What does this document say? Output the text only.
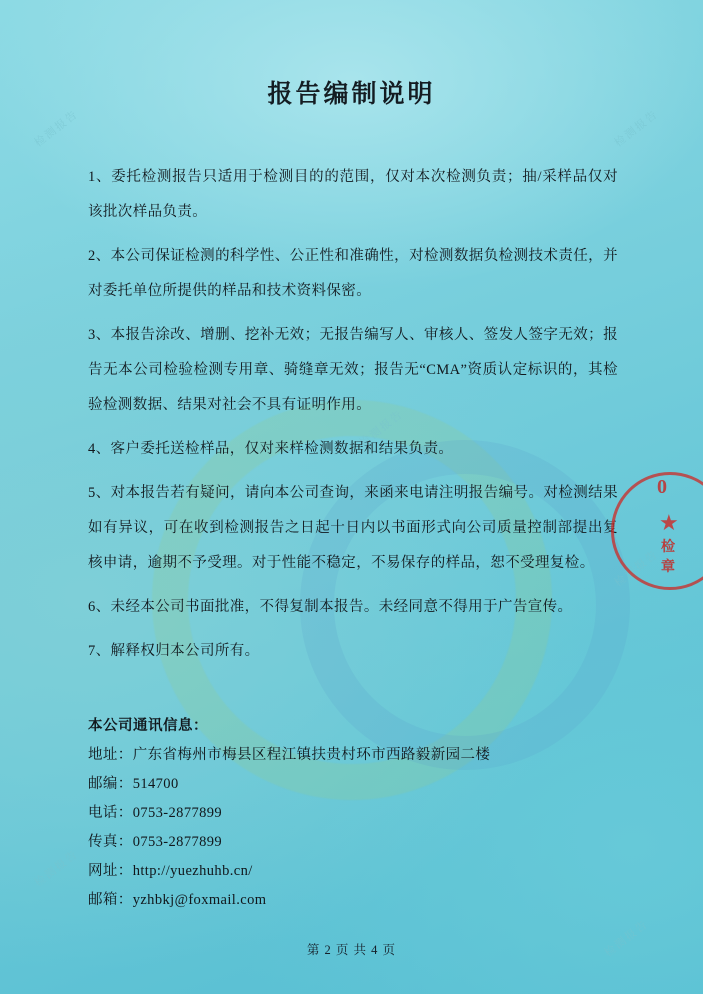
检测报告	检测报告
检测报告
检测报告
检测报告
检测报告
报告编制说明

1、委托检测报告只适用于检测目的的范围，仅对本次检测负责；抽/采样品仅对该批次样品负责。

2、本公司保证检测的科学性、公正性和准确性，对检测数据负检测技术责任，并对委托单位所提供的样品和技术资料保密。

3、本报告涂改、增删、挖补无效；无报告编写人、审核人、签发人签字无效；报告无本公司检验检测专用章、骑缝章无效；报告无“CMA”资质认定标识的，其检验检测数据、结果对社会不具有证明作用。

4、客户委托送检样品，仅对来样检测数据和结果负责。

5、对本报告若有疑问，请向本公司查询，来函来电请注明报告编号。对检测结果如有异议，可在收到检测报告之日起十日内以书面形式向公司质量控制部提出复核申请，逾期不予受理。对于性能不稳定，不易保存的样品，恕不受理复检。

6、未经本公司书面批准，不得复制本报告。未经同意不得用于广告宣传。

7、解释权归本公司所有。

本公司通讯信息：
地址：广东省梅州市梅县区程江镇扶贵村环市西路毅新园二楼
邮编：514700
电话：0753-2877899
传真：0753-2877899
网址：http://yuezhuhb.cn/
邮箱：yzhbkj@foxmail.com
0
★
检
章
第 2 页 共 4 页
